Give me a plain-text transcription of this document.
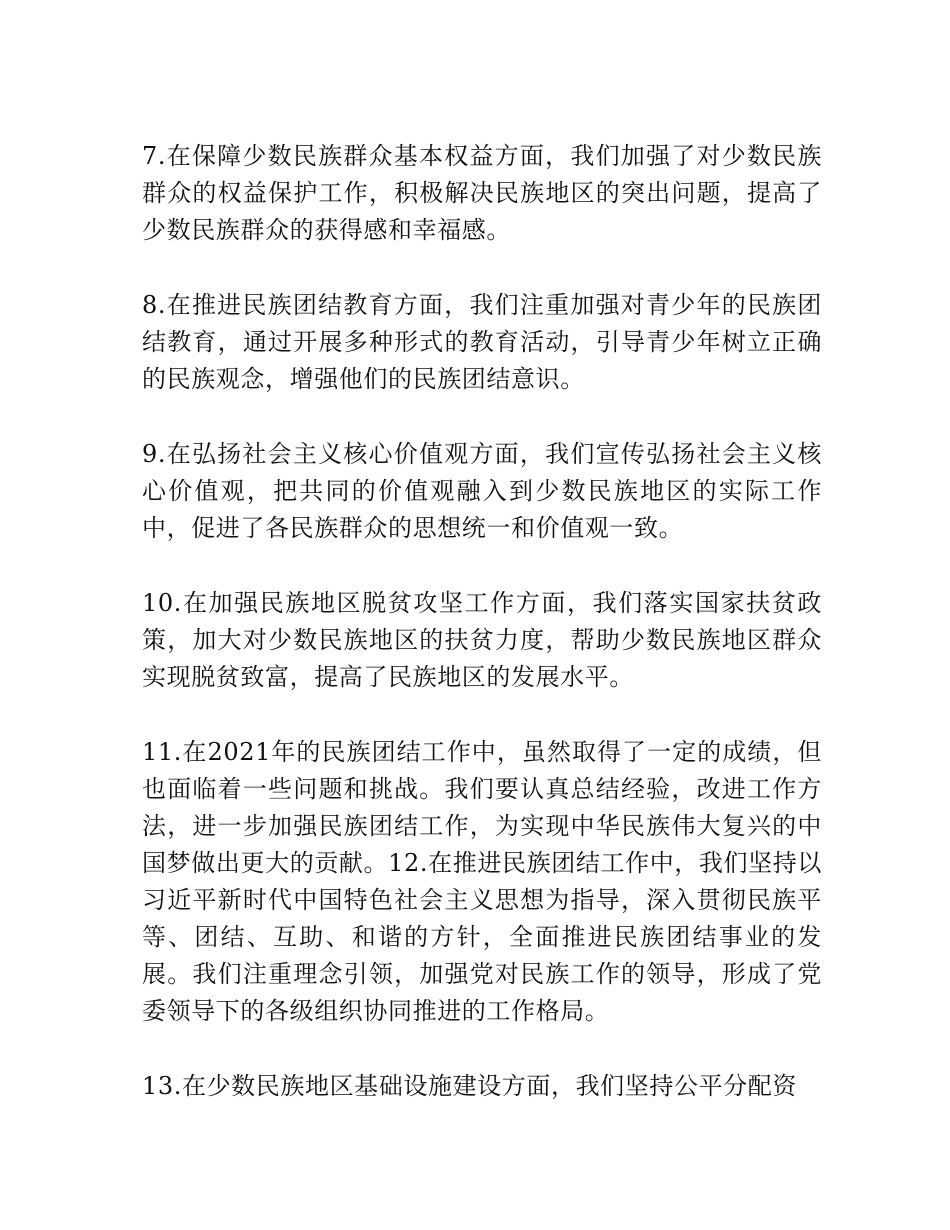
7.在保障少数民族群众基本权益方面，我们加强了对少数民族群众的权益保护工作，积极解决民族地区的突出问题，提高了少数民族群众的获得感和幸福感。

8.在推进民族团结教育方面，我们注重加强对青少年的民族团结教育，通过开展多种形式的教育活动，引导青少年树立正确的民族观念，增强他们的民族团结意识。

9.在弘扬社会主义核心价值观方面，我们宣传弘扬社会主义核心价值观，把共同的价值观融入到少数民族地区的实际工作中，促进了各民族群众的思想统一和价值观一致。

10.在加强民族地区脱贫攻坚工作方面，我们落实国家扶贫政策，加大对少数民族地区的扶贫力度，帮助少数民族地区群众实现脱贫致富，提高了民族地区的发展水平。

11.在2021年的民族团结工作中，虽然取得了一定的成绩，但也面临着一些问题和挑战。我们要认真总结经验，改进工作方法，进一步加强民族团结工作，为实现中华民族伟大复兴的中国梦做出更大的贡献。12.在推进民族团结工作中，我们坚持以习近平新时代中国特色社会主义思想为指导，深入贯彻民族平等、团结、互助、和谐的方针，全面推进民族团结事业的发展。我们注重理念引领，加强党对民族工作的领导，形成了党委领导下的各级组织协同推进的工作格局。

13.在少数民族地区基础设施建设方面，我们坚持公平分配资
